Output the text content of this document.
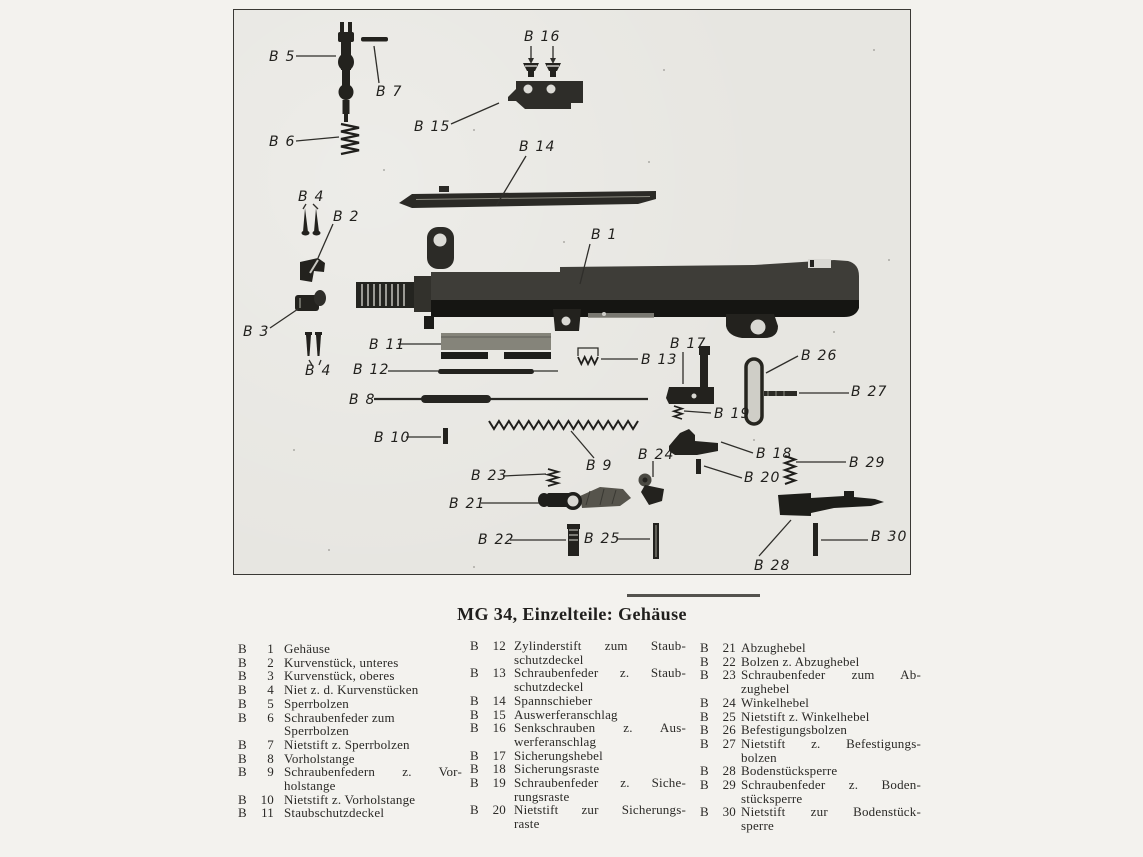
B 5
B 7
B 6
B 16
B 15
B 14
B 4
B 2
B 3
B 4
B 1
B 11
B 12
B 13
B 8
B 10
B 9
B 23
B 21
B 22	B 25
B 24
B 17
B 19
B 18
B 20
B 26
B 27
B 29
B 28
B 30
MG 34, Einzelteile: Gehäuse
B 1 Gehäuse
B 2 Kurvenstück, unteres
B 3 Kurvenstück, oberes
B 4 Niet z. d. Kurvenstücken
B 5 Sperrbolzen
B 6 Schraubenfeder zum
Sperrbolzen
B 7 Nietstift z. Sperrbolzen
B 8 Vorholstange
B 9 Schraubenfedern z. Vor-
holstange
B 10 Nietstift z. Vorholstange
B 11 Staubschutzdeckel
B 12 Zylinderstift zum Staub-
schutzdeckel
B 13 Schraubenfeder z. Staub-
schutzdeckel
B 14 Spannschieber
B 15 Auswerferanschlag
B 16 Senkschrauben z. Aus-
werferanschlag
B 17 Sicherungshebel
B 18 Sicherungsraste
B 19 Schraubenfeder z. Siche-
rungsraste
B 20 Nietstift zur Sicherungs-
raste
B 21 Abzughebel
B 22 Bolzen z. Abzughebel
B 23 Schraubenfeder zum Ab-
zughebel
B 24 Winkelhebel
B 25 Nietstift z. Winkelhebel
B 26 Befestigungsbolzen
B 27 Nietstift z. Befestigungs-
bolzen
B 28 Bodenstücksperre
B 29 Schraubenfeder z. Boden-
stücksperre
B 30 Nietstift zur Bodenstück-
sperre
